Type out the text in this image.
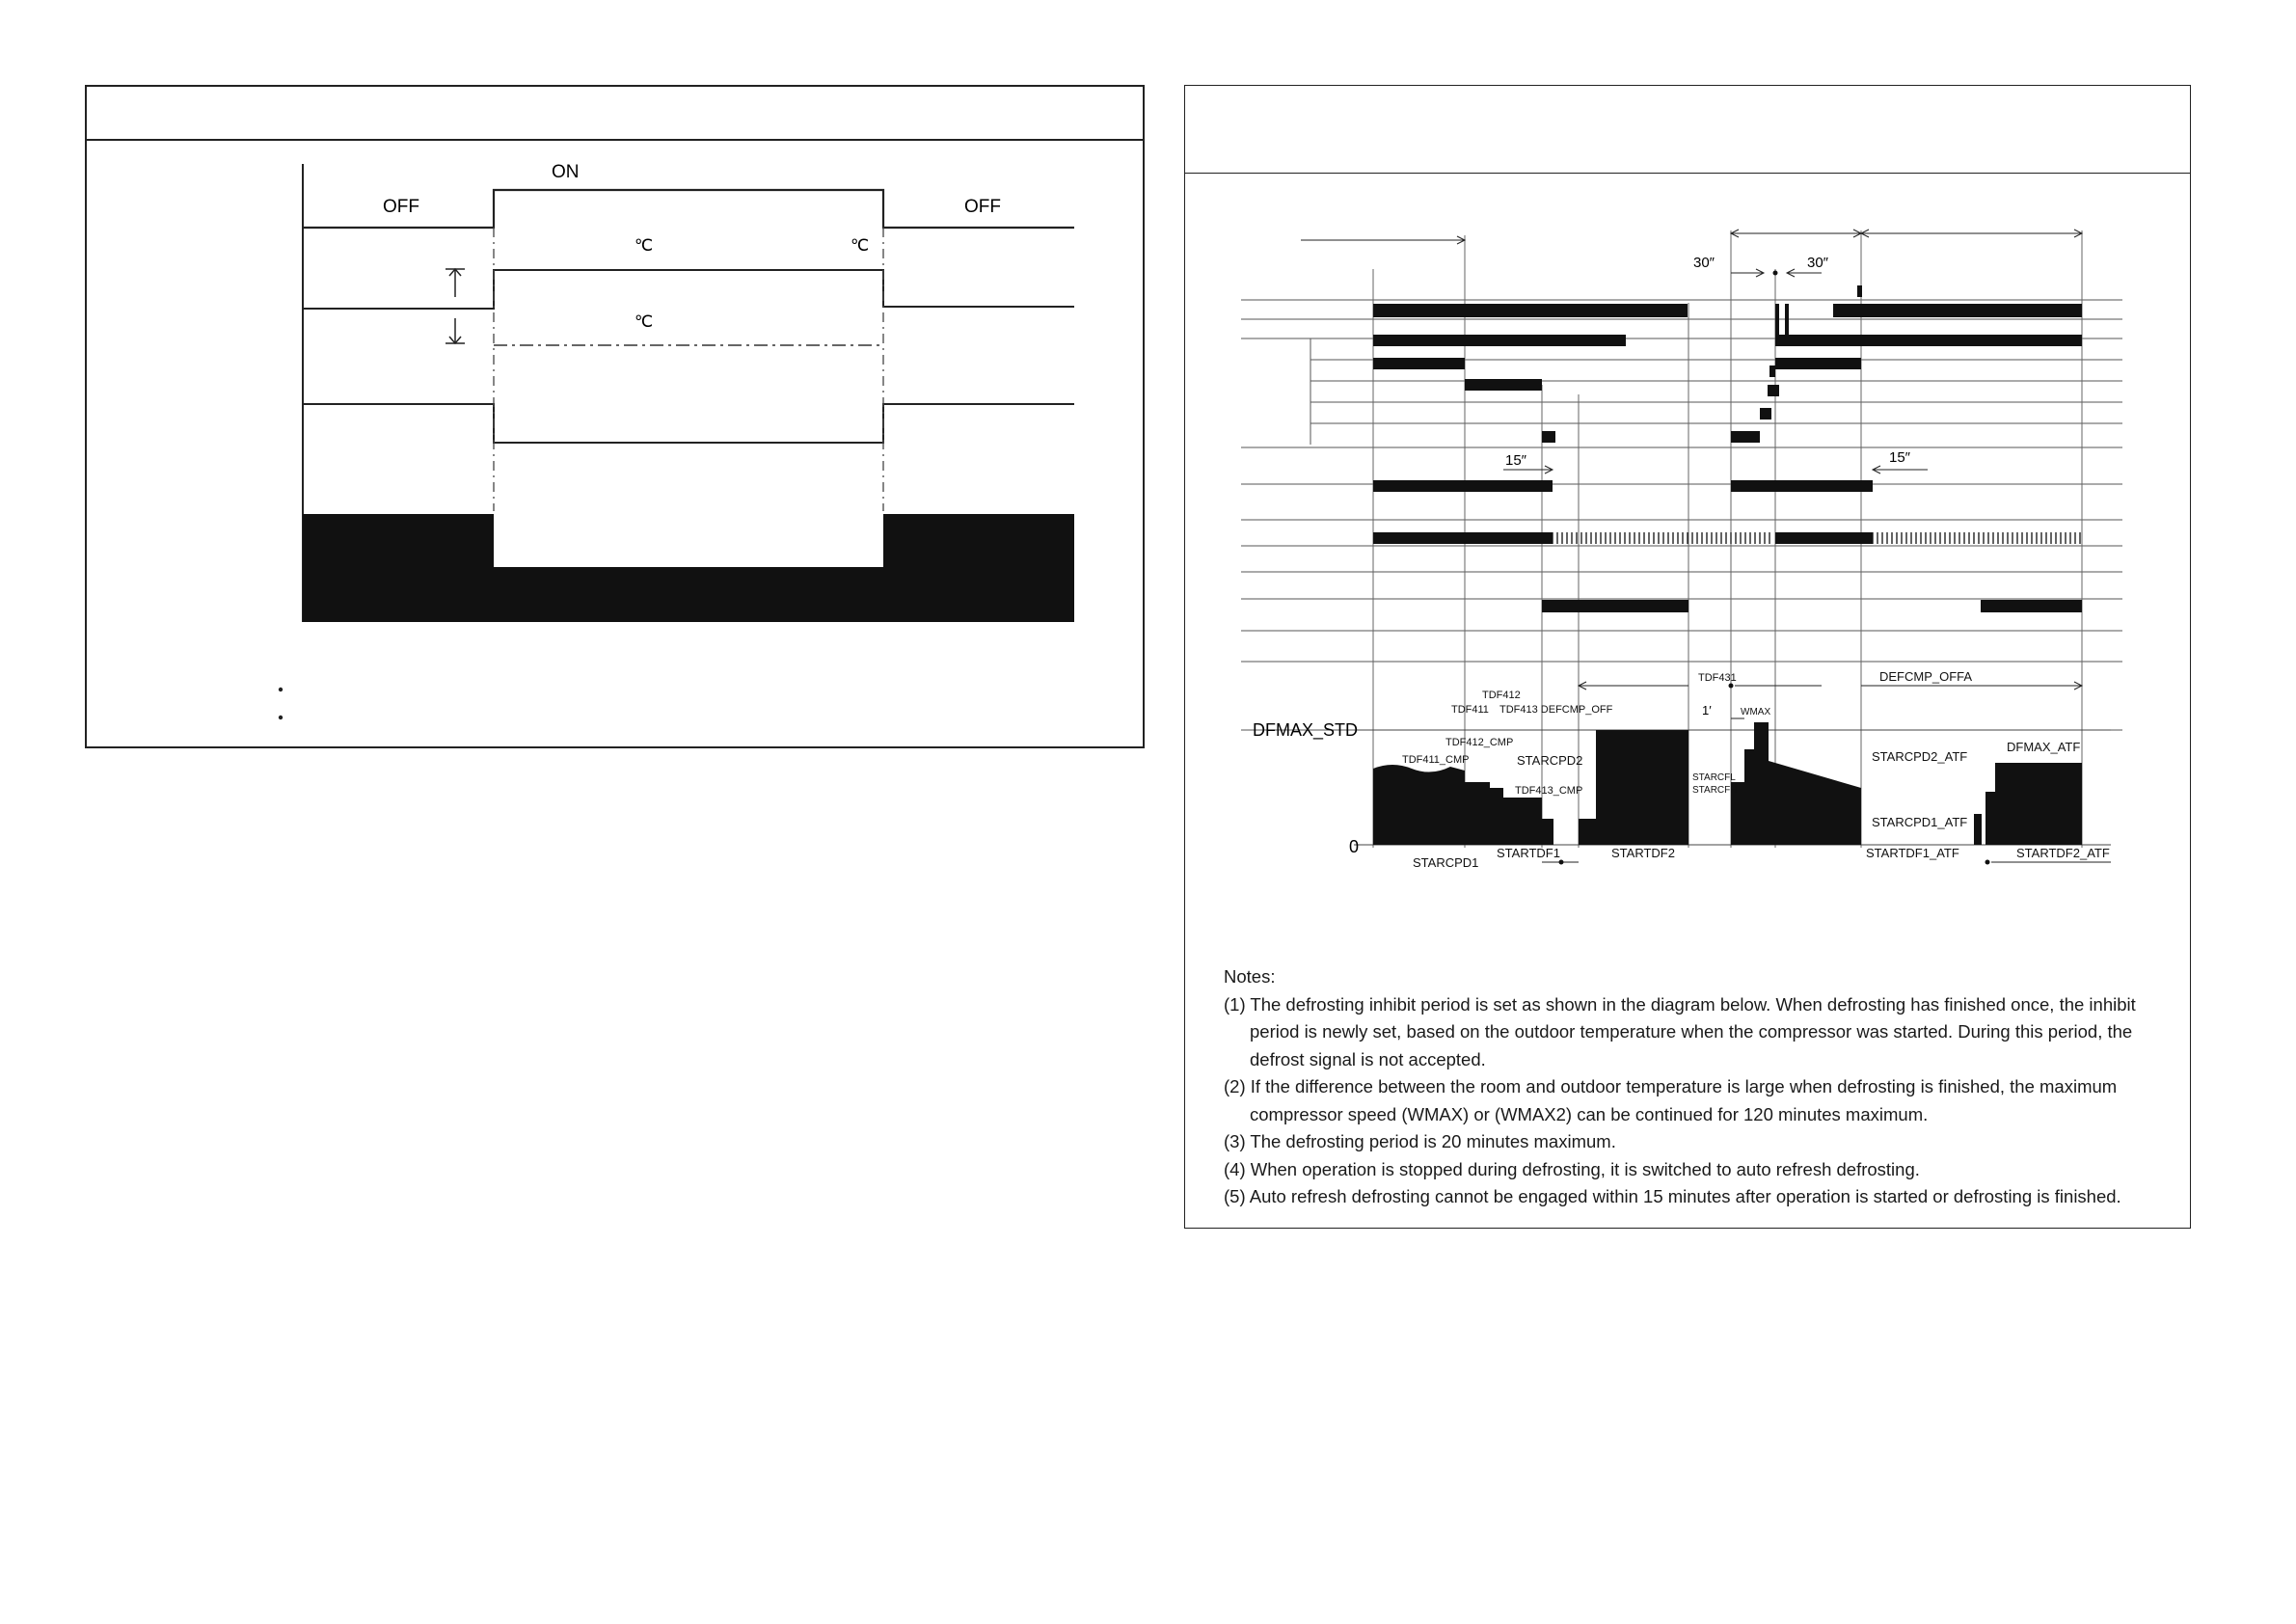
ON
OFF	OFF
℃	℃
℃
30″	30″
15″	15″
DFMAX_STD
0
TDF431
TDF412
TDF411 TDF413 DEFCMP_OFF
TDF412_CMP
TDF411_CMP	STARCPD2
TDF413_CMP
STARCPD1
STARTDF1	STARTDF2
STARCFL
STARCFH
WMAX
DEFCMP_OFFA
STARCPD2_ATF
STARCPD1_ATF
DFMAX_ATF
STARTDF1_ATF	STARTDF2_ATF
1′
Notes:
(1) The defrosting inhibit period is set as shown in the diagram below. When defrosting has finished once, the inhibit period is newly set, based on the outdoor temperature when the compressor was started. During this period, the defrost signal is not accepted.
(2) If the difference between the room and outdoor temperature is large when defrosting is finished, the maximum compressor speed (WMAX) or (WMAX2) can be continued for 120 minutes maximum.
(3) The defrosting period is 20 minutes maximum.
(4) When operation is stopped during defrosting, it is switched to auto refresh defrosting.
(5) Auto refresh defrosting cannot be engaged within 15 minutes after operation is started or defrosting is finished.
